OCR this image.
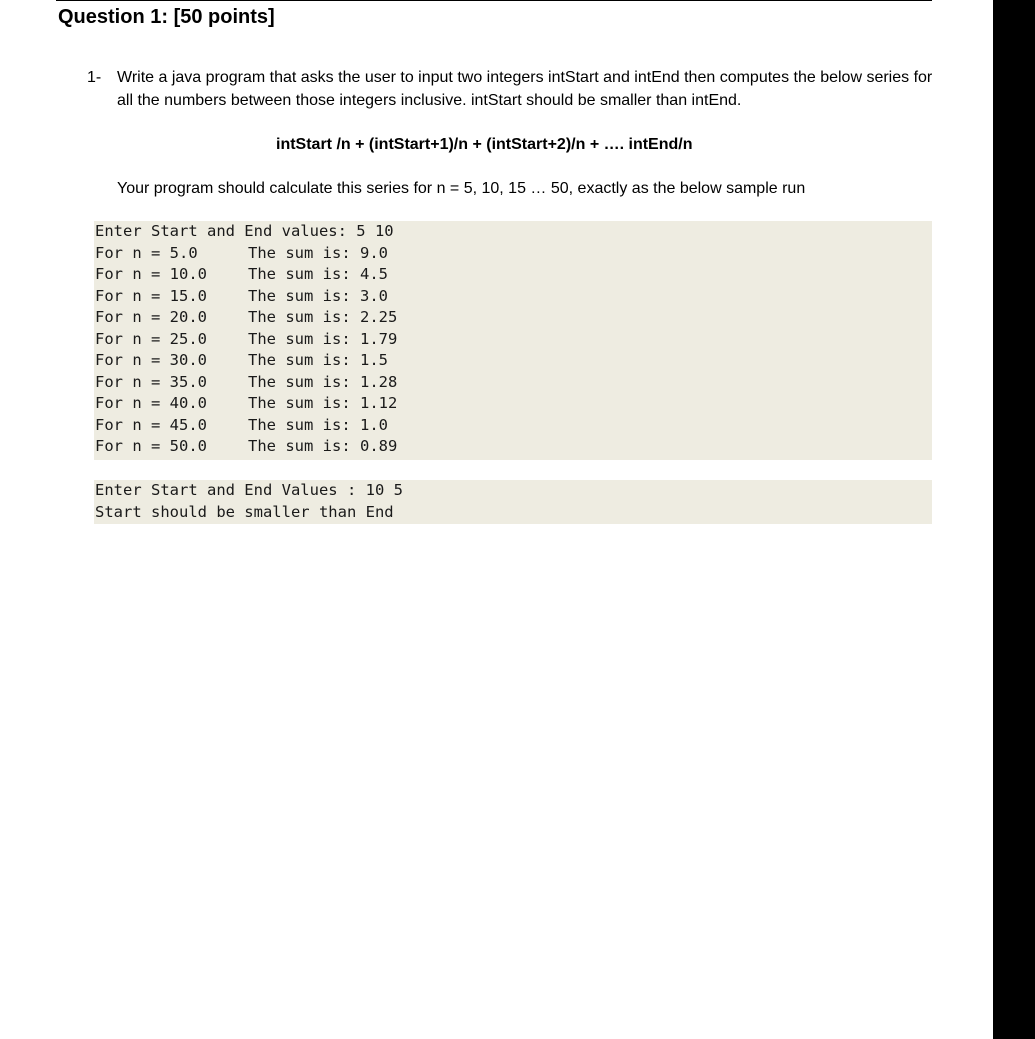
Question 1: [50 points]
1- Write a java program that asks the user to input two integers intStart and intEnd then computes the below series for all the numbers between those integers inclusive. intStart should be smaller than intEnd.
intStart /n + (intStart+1)/n + (intStart+2)/n + …. intEnd/n
Your program should calculate this series for n = 5, 10, 15 … 50, exactly as the below sample run
Enter Start and End values: 5 10
For n = 5.0	The sum is: 9.0
For n = 10.0	The sum is: 4.5
For n = 15.0	The sum is: 3.0
For n = 20.0	The sum is: 2.25
For n = 25.0	The sum is: 1.79
For n = 30.0	The sum is: 1.5
For n = 35.0	The sum is: 1.28
For n = 40.0	The sum is: 1.12
For n = 45.0	The sum is: 1.0
For n = 50.0	The sum is: 0.89
Enter Start and End Values : 10 5
Start should be smaller than End
